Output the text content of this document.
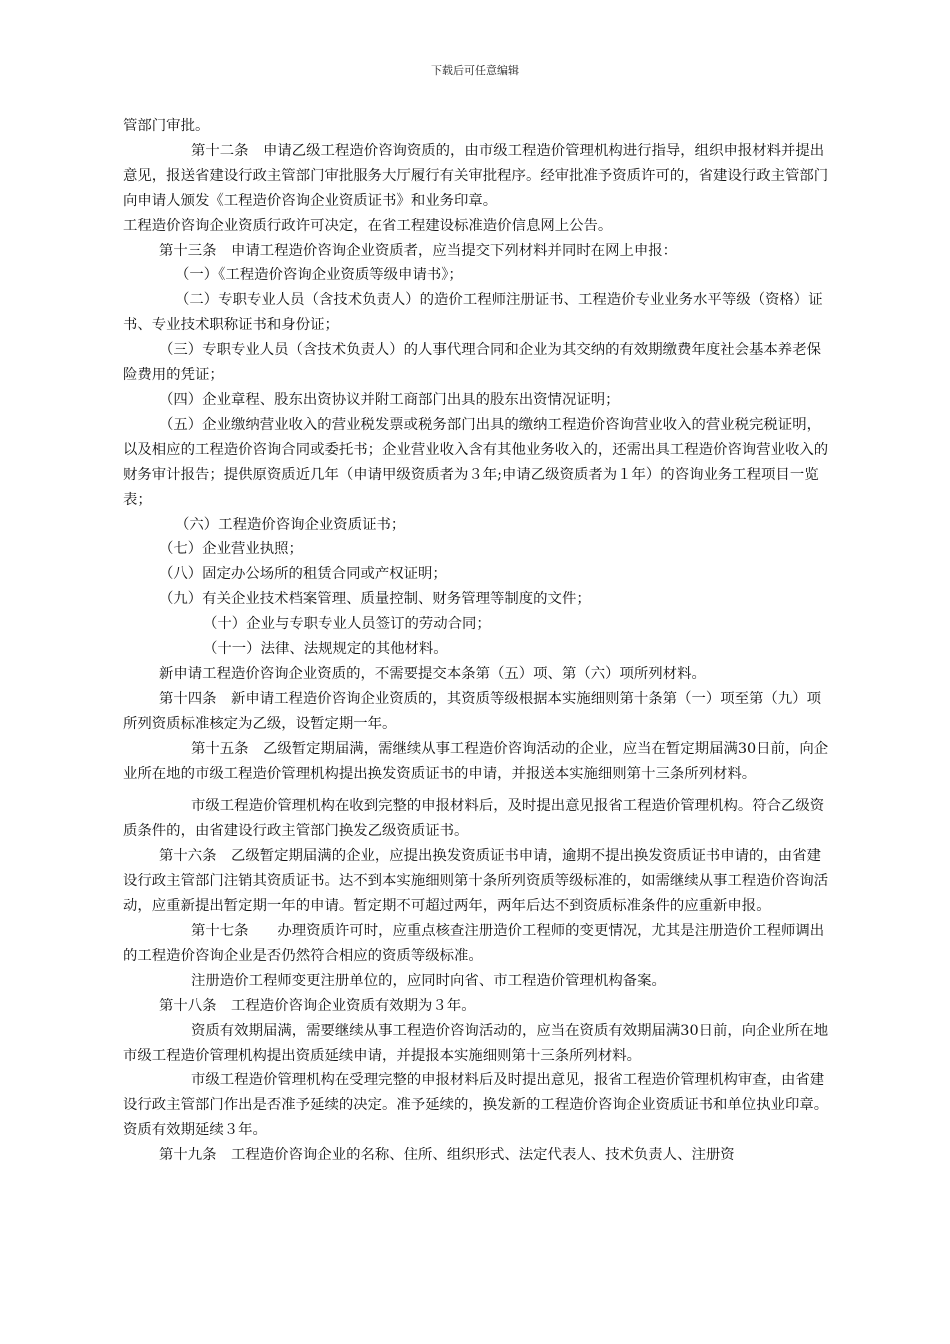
下载后可任意编辑

管部门审批。

第十二条　申请乙级工程造价咨询资质的，由市级工程造价管理机构进行指导，组织申报材料并提出意见，报送省建设行政主管部门审批服务大厅履行有关审批程序。经审批准予资质许可的，省建设行政主管部门向申请人颁发《工程造价咨询企业资质证书》和业务印章。

工程造价咨询企业资质行政许可决定，在省工程建设标准造价信息网上公告。

第十三条　申请工程造价咨询企业资质者，应当提交下列材料并同时在网上申报：

（一）《工程造价咨询企业资质等级申请书》；

（二）专职专业人员（含技术负责人）的造价工程师注册证书、工程造价专业业务水平等级（资格）证书、专业技术职称证书和身份证；

（三）专职专业人员（含技术负责人）的人事代理合同和企业为其交纳的有效期缴费年度社会基本养老保险费用的凭证；

（四）企业章程、股东出资协议并附工商部门出具的股东出资情况证明；

（五）企业缴纳营业收入的营业税发票或税务部门出具的缴纳工程造价咨询营业收入的营业税完税证明，以及相应的工程造价咨询合同或委托书；企业营业收入含有其他业务收入的，还需出具工程造价咨询营业收入的财务审计报告；提供原资质近几年（申请甲级资质者为３年;申请乙级资质者为１年）的咨询业务工程项目一览表；

（六）工程造价咨询企业资质证书；

（七）企业营业执照；

（八）固定办公场所的租赁合同或产权证明；

（九）有关企业技术档案管理、质量控制、财务管理等制度的文件；

（十）企业与专职专业人员签订的劳动合同；

（十一）法律、法规规定的其他材料。

新申请工程造价咨询企业资质的，不需要提交本条第（五）项、第（六）项所列材料。

第十四条　新申请工程造价咨询企业资质的，其资质等级根据本实施细则第十条第（一）项至第（九）项所列资质标准核定为乙级，设暂定期一年。

第十五条　乙级暂定期届满，需继续从事工程造价咨询活动的企业，应当在暂定期届满30日前，向企业所在地的市级工程造价管理机构提出换发资质证书的申请，并报送本实施细则第十三条所列材料。

市级工程造价管理机构在收到完整的申报材料后，及时提出意见报省工程造价管理机构。符合乙级资质条件的，由省建设行政主管部门换发乙级资质证书。

第十六条　乙级暂定期届满的企业，应提出换发资质证书申请，逾期不提出换发资质证书申请的，由省建设行政主管部门注销其资质证书。达不到本实施细则第十条所列资质等级标准的，如需继续从事工程造价咨询活动，应重新提出暂定期一年的申请。暂定期不可超过两年，两年后达不到资质标准条件的应重新申报。

第十七条　　办理资质许可时，应重点核查注册造价工程师的变更情况，尤其是注册造价工程师调出的工程造价咨询企业是否仍然符合相应的资质等级标准。

注册造价工程师变更注册单位的，应同时向省、市工程造价管理机构备案。

第十八条　工程造价咨询企业资质有效期为３年。

资质有效期届满，需要继续从事工程造价咨询活动的，应当在资质有效期届满30日前，向企业所在地市级工程造价管理机构提出资质延续申请，并提报本实施细则第十三条所列材料。

市级工程造价管理机构在受理完整的申报材料后及时提出意见，报省工程造价管理机构审查，由省建设行政主管部门作出是否准予延续的决定。准予延续的，换发新的工程造价咨询企业资质证书和单位执业印章。资质有效期延续３年。

第十九条　工程造价咨询企业的名称、住所、组织形式、法定代表人、技术负责人、注册资
